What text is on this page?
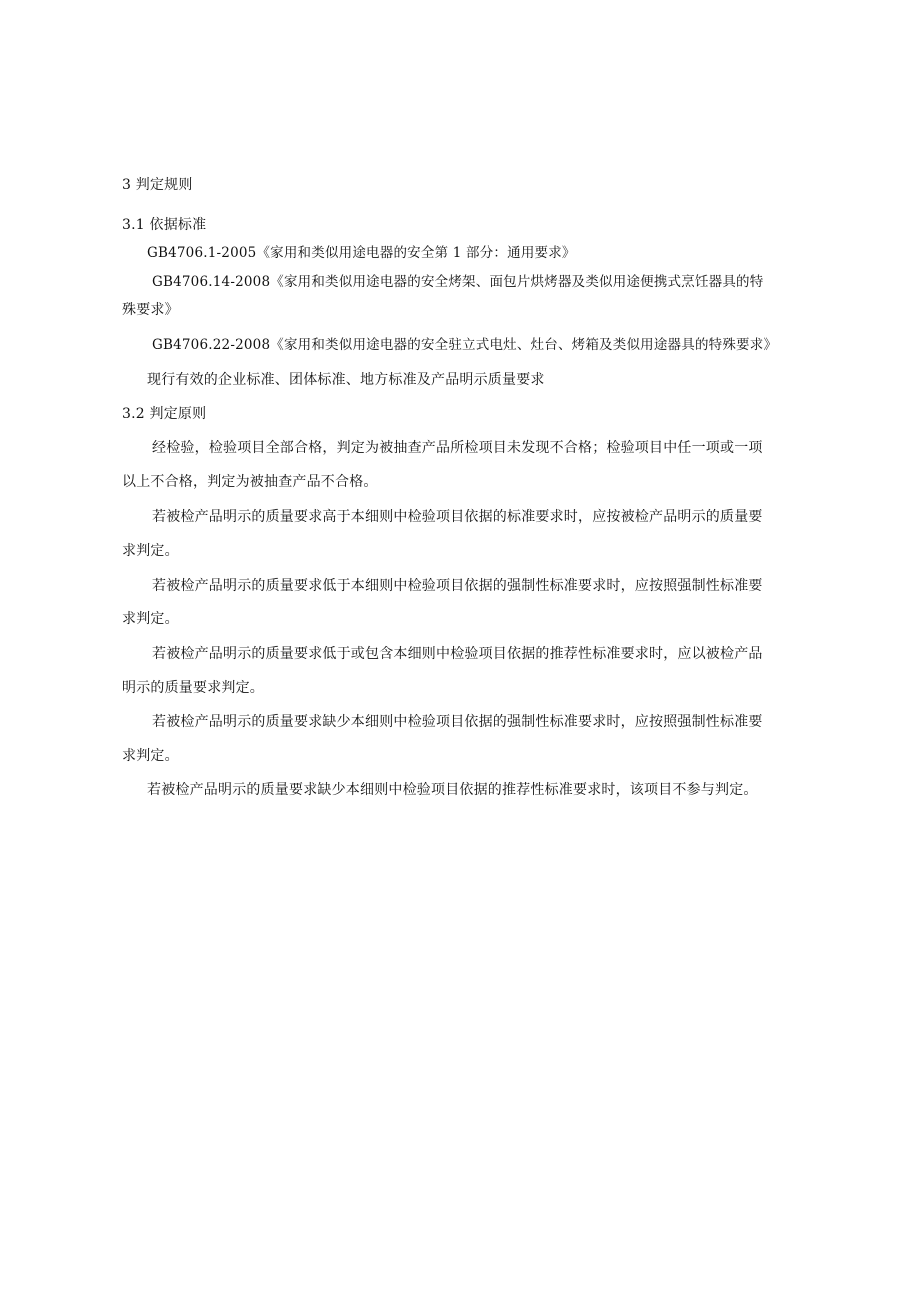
3 判定规则
3.1 依据标准
GB4706.1-2005《家用和类似用途电器的安全第 1 部分：通用要求》
GB4706.14-2008《家用和类似用途电器的安全烤架、面包片烘烤器及类似用途便携式烹饪器具的特
殊要求》
GB4706.22-2008《家用和类似用途电器的安全驻立式电灶、灶台、烤箱及类似用途器具的特殊要求》
现行有效的企业标准、团体标准、地方标准及产品明示质量要求
3.2 判定原则
经检验，检验项目全部合格，判定为被抽查产品所检项目未发现不合格；检验项目中任一项或一项
以上不合格，判定为被抽查产品不合格。
若被检产品明示的质量要求高于本细则中检验项目依据的标准要求时，应按被检产品明示的质量要
求判定。
若被检产品明示的质量要求低于本细则中检验项目依据的强制性标准要求时，应按照强制性标准要
求判定。
若被检产品明示的质量要求低于或包含本细则中检验项目依据的推荐性标准要求时，应以被检产品
明示的质量要求判定。
若被检产品明示的质量要求缺少本细则中检验项目依据的强制性标准要求时，应按照强制性标准要
求判定。
若被检产品明示的质量要求缺少本细则中检验项目依据的推荐性标准要求时，该项目不参与判定。
